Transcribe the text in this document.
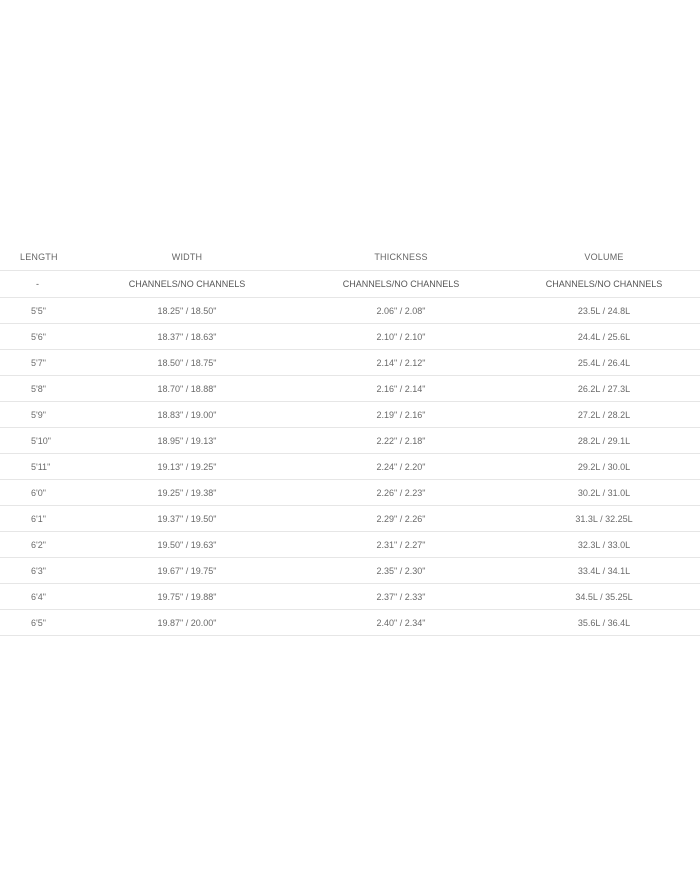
LENGTH	WIDTH	THICKNESS	VOLUME
-	CHANNELS/NO CHANNELS	CHANNELS/NO CHANNELS	CHANNELS/NO CHANNELS
5'5"	18.25" / 18.50"	2.06" / 2.08"	23.5L / 24.8L
5'6"	18.37" / 18.63"	2.10" / 2.10"	24.4L / 25.6L
5'7"	18.50" / 18.75"	2.14" / 2.12"	25.4L / 26.4L
5'8"	18.70" / 18.88"	2.16" / 2.14"	26.2L / 27.3L
5'9"	18.83" / 19.00"	2.19" / 2.16"	27.2L / 28.2L
5'10"	18.95" / 19.13"	2.22" / 2.18"	28.2L / 29.1L
5'11"	19.13" / 19.25"	2.24" / 2.20"	29.2L / 30.0L
6'0"	19.25" / 19.38"	2.26" / 2.23"	30.2L / 31.0L
6'1"	19.37" / 19.50"	2.29" / 2.26"	31.3L / 32.25L
6'2"	19.50" / 19.63"	2.31" / 2.27"	32.3L / 33.0L
6'3"	19.67" / 19.75"	2.35" / 2.30"	33.4L / 34.1L
6'4"	19.75" / 19.88"	2.37" / 2.33"	34.5L / 35.25L
6'5"	19.87" / 20.00"	2.40" / 2.34"	35.6L / 36.4L
